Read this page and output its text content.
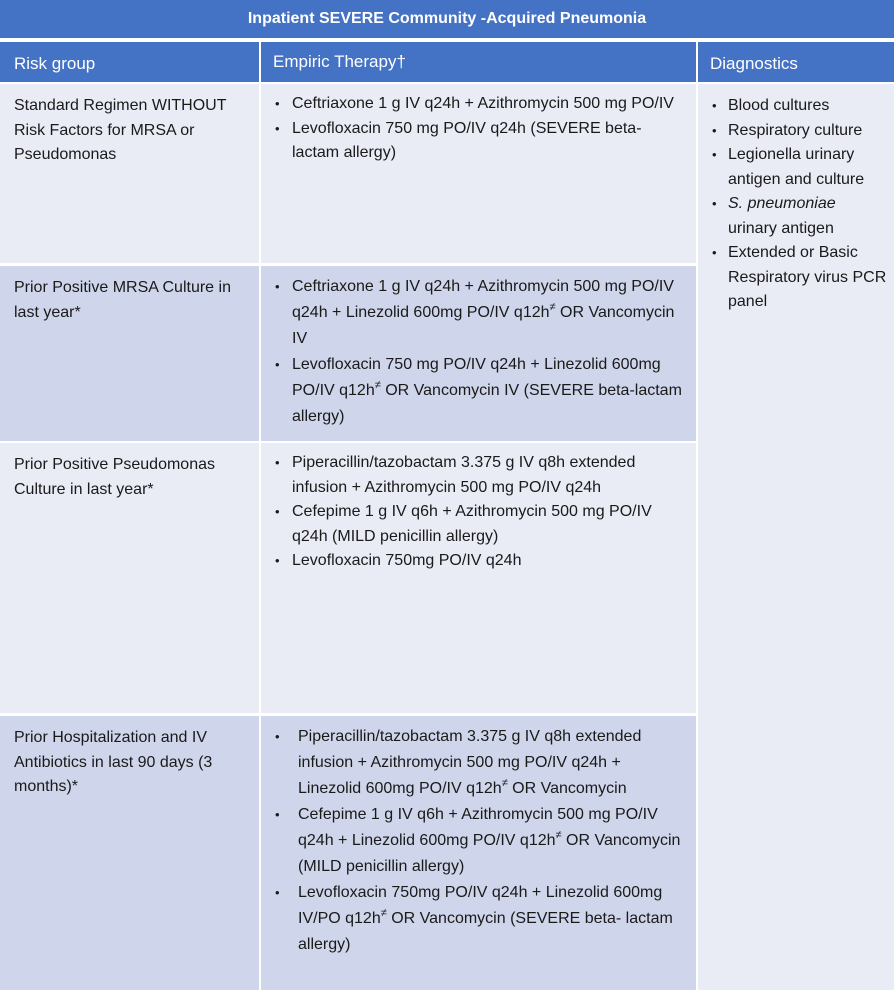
Inpatient SEVERE Community -Acquired Pneumonia
Risk group	Empiric Therapy†	Diagnostics
Standard Regimen WITHOUT Risk Factors for MRSA or Pseudomonas
• Ceftriaxone 1 g IV q24h + Azithromycin 500 mg PO/IV
• Levofloxacin 750 mg PO/IV q24h (SEVERE beta-lactam allergy)
Prior Positive MRSA Culture in last year*
• Ceftriaxone 1 g IV q24h + Azithromycin 500 mg PO/IV q24h + Linezolid 600mg PO/IV q12h≠ OR Vancomycin IV
• Levofloxacin 750 mg PO/IV q24h + Linezolid 600mg PO/IV q12h≠ OR Vancomycin IV (SEVERE beta-lactam allergy)
Prior Positive Pseudomonas Culture in last year*
• Piperacillin/tazobactam 3.375 g IV q8h extended infusion + Azithromycin 500 mg PO/IV q24h
• Cefepime 1 g IV q6h + Azithromycin 500 mg PO/IV q24h (MILD penicillin allergy)
• Levofloxacin 750mg PO/IV q24h
Prior Hospitalization and IV Antibiotics in last 90 days (3 months)*
• Piperacillin/tazobactam 3.375 g IV q8h extended infusion + Azithromycin 500 mg PO/IV q24h + Linezolid 600mg PO/IV q12h≠ OR Vancomycin
• Cefepime 1 g IV q6h + Azithromycin 500 mg PO/IV q24h + Linezolid 600mg PO/IV q12h≠ OR Vancomycin (MILD penicillin allergy)
• Levofloxacin 750mg PO/IV q24h + Linezolid 600mg IV/PO q12h≠ OR Vancomycin (SEVERE beta- lactam allergy)
• Blood cultures
• Respiratory culture
• Legionella urinary antigen and culture
• S. pneumoniae urinary antigen
• Extended or Basic Respiratory virus PCR panel
